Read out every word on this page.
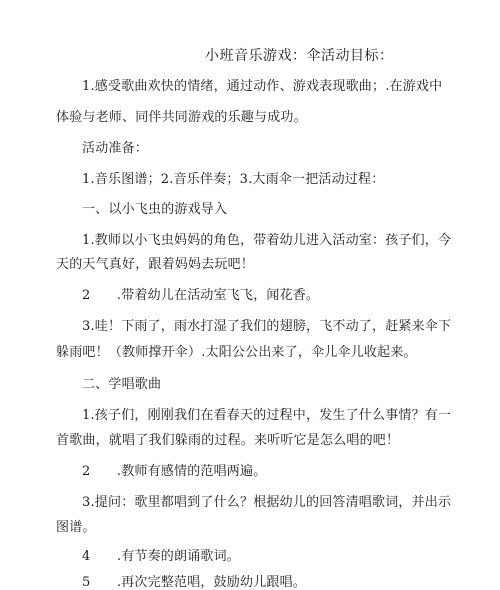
小班音乐游戏：伞活动目标：
1.感受歌曲欢快的情绪，通过动作、游戏表现歌曲；.在游戏中
体验与老师、同伴共同游戏的乐趣与成功。
活动准备：
1.音乐图谱；2.音乐伴奏；3.大雨伞一把活动过程：
一、以小飞虫的游戏导入
1.教师以小飞虫妈妈的角色，带着幼儿进入活动室：孩子们，今
天的天气真好，跟着妈妈去玩吧！
2　　.带着幼儿在活动室飞飞，闻花香。
3.哇！下雨了，雨水打湿了我们的翅膀，飞不动了，赶紧来伞下
躲雨吧！（教师撑开伞）.太阳公公出来了，伞儿伞儿收起来。
二、学唱歌曲
1.孩子们，刚刚我们在看春天的过程中，发生了什么事情？有一
首歌曲，就唱了我们躲雨的过程。来听听它是怎么唱的吧！
2　　.教师有感情的范唱两遍。
3.提问：歌里都唱到了什么？根据幼儿的回答清唱歌词，并出示
图谱。
4　　.有节奏的朗诵歌词。
5　　.再次完整范唱，鼓励幼儿跟唱。
